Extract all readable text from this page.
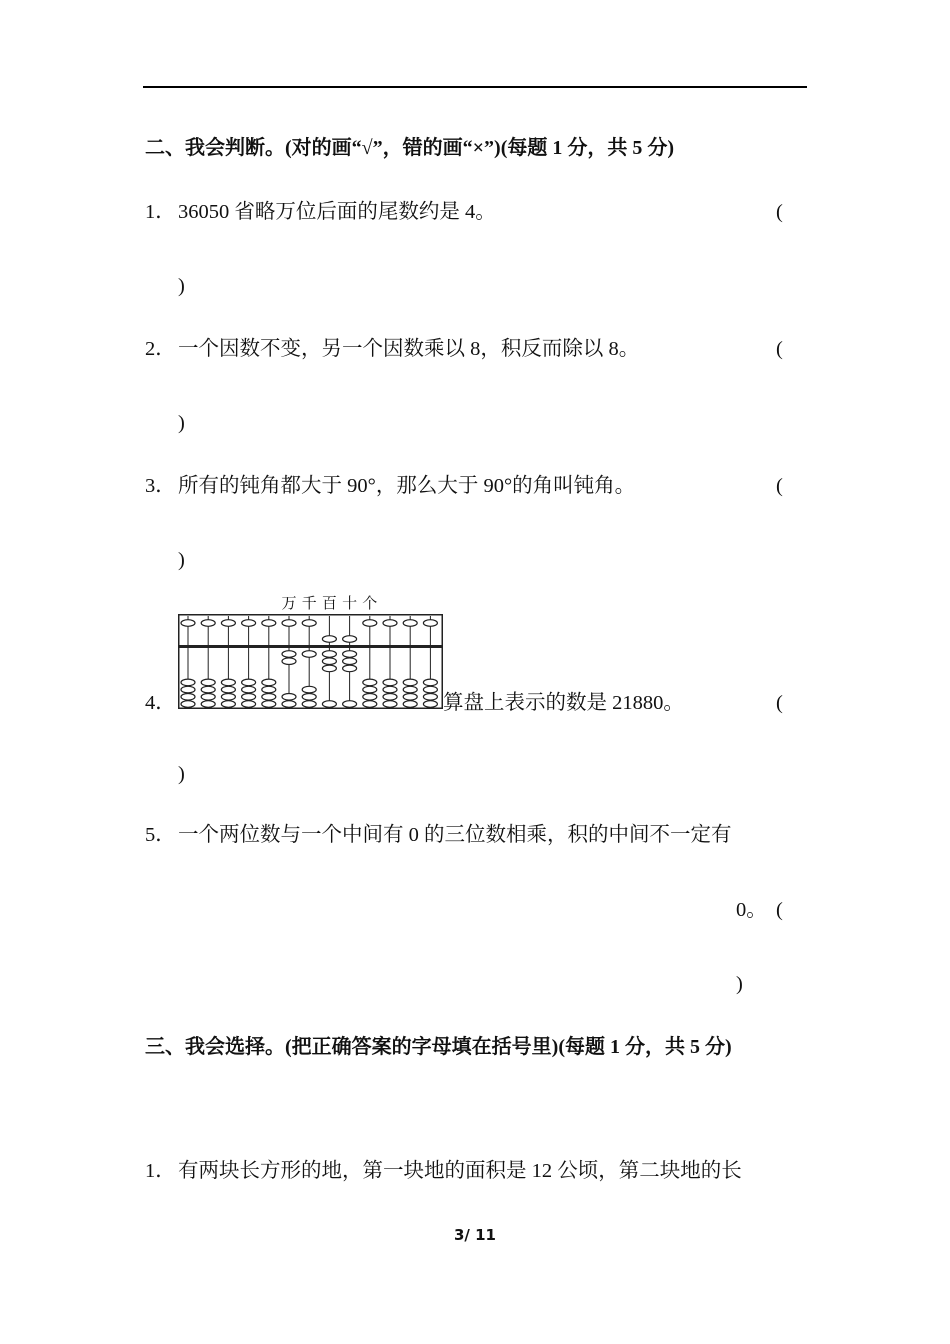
二、我会判断。(对的画“√”，错的画“×”)(每题 1 分，共 5 分)
1． 36050 省略万位后面的尾数约是 4。	(
)
2． 一个因数不变，另一个因数乘以 8，积反而除以 8。	(
)
3． 所有的钝角都大于 90°，那么大于 90°的角叫钝角。	(
)
4．
万 千 百 十 个
算盘上表示的数是 21880。	(
)
5． 一个两位数与一个中间有 0 的三位数相乘，积的中间不一定有
0。 (
)
三、我会选择。(把正确答案的字母填在括号里)(每题 1 分，共 5 分)
1． 有两块长方形的地，第一块地的面积是 12 公顷，第二块地的长
3/ 11
